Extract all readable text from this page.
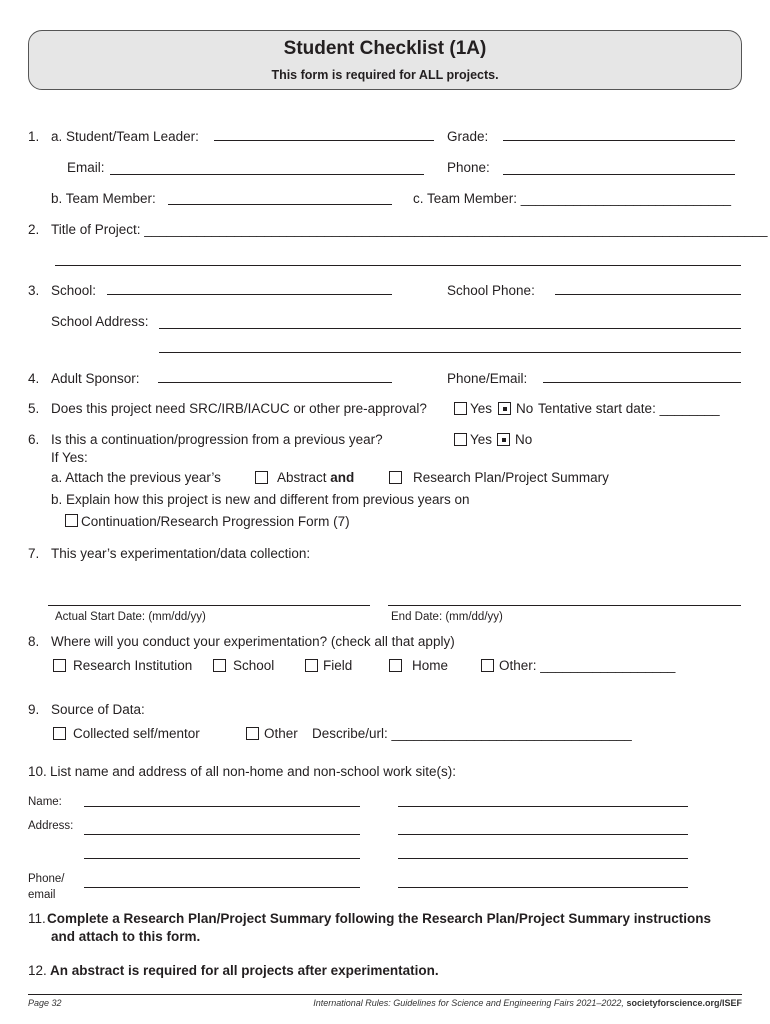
Student Checklist (1A)
This form is required for ALL projects.
1. a. Student/Team Leader:	Grade:
Email:	Phone:
b. Team Member:	c. Team Member: ____________________________
2. Title of Project: ___________________________________________________________________________________
3. School:	School Phone:
School Address:
4. Adult Sponsor:	Phone/Email:
5. Does this project need SRC/IRB/IACUC or other pre-approval?	Yes No Tentative start date: ________
6. Is this a continuation/progression from a previous year?	Yes No
If Yes:
a. Attach the previous year’s	Abstract and	Research Plan/Project Summary
b. Explain how this project is new and different from previous years on
Continuation/Research Progression Form (7)
7. This year’s experimentation/data collection:
Actual Start Date: (mm/dd/yy)	End Date: (mm/dd/yy)
8. Where will you conduct your experimentation? (check all that apply)
Research Institution	School	Field	Home	Other: __________________
9. Source of Data:
Collected self/mentor	Other Describe/url: ________________________________
10. List name and address of all non-home and non-school work site(s):
Name:
Address:
Phone/
email
11. Complete a Research Plan/Project Summary following the Research Plan/Project Summary instructions
and attach to this form.
12. An abstract is required for all projects after experimentation.
Page 32	International Rules: Guidelines for Science and Engineering Fairs 2021–2022, societyforscience.org/ISEF
